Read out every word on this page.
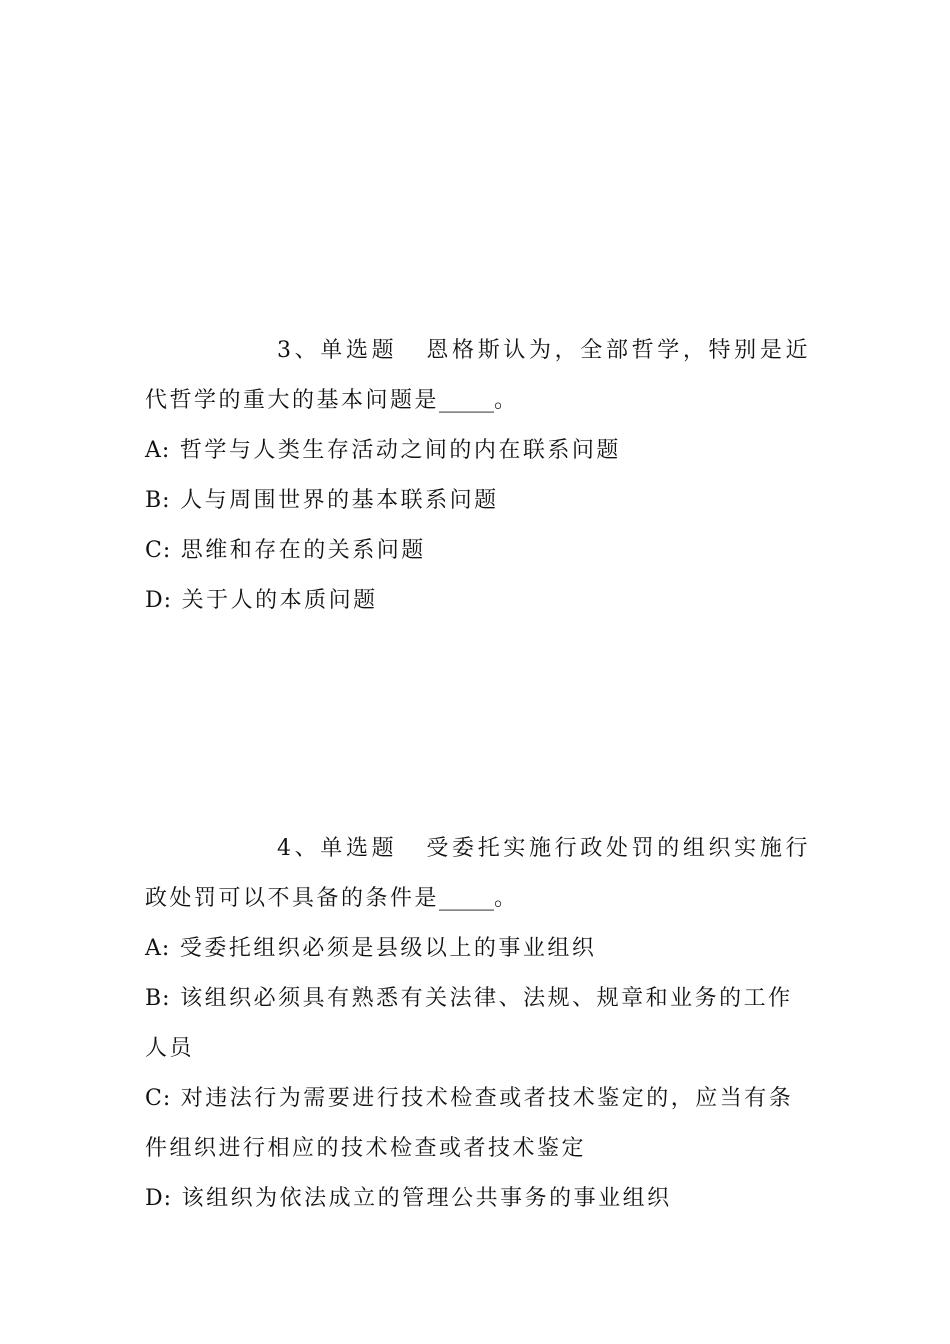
3、单选题 恩格斯认为，全部哲学，特别是近代哲学的重大的基本问题是_____。

A: 哲学与人类生存活动之间的内在联系问题

B: 人与周围世界的基本联系问题

C: 思维和存在的关系问题

D: 关于人的本质问题

4、单选题 受委托实施行政处罚的组织实施行政处罚可以不具备的条件是_____。

A: 受委托组织必须是县级以上的事业组织

B: 该组织必须具有熟悉有关法律、法规、规章和业务的工作人员

C: 对违法行为需要进行技术检查或者技术鉴定的，应当有条件组织进行相应的技术检查或者技术鉴定

D: 该组织为依法成立的管理公共事务的事业组织
